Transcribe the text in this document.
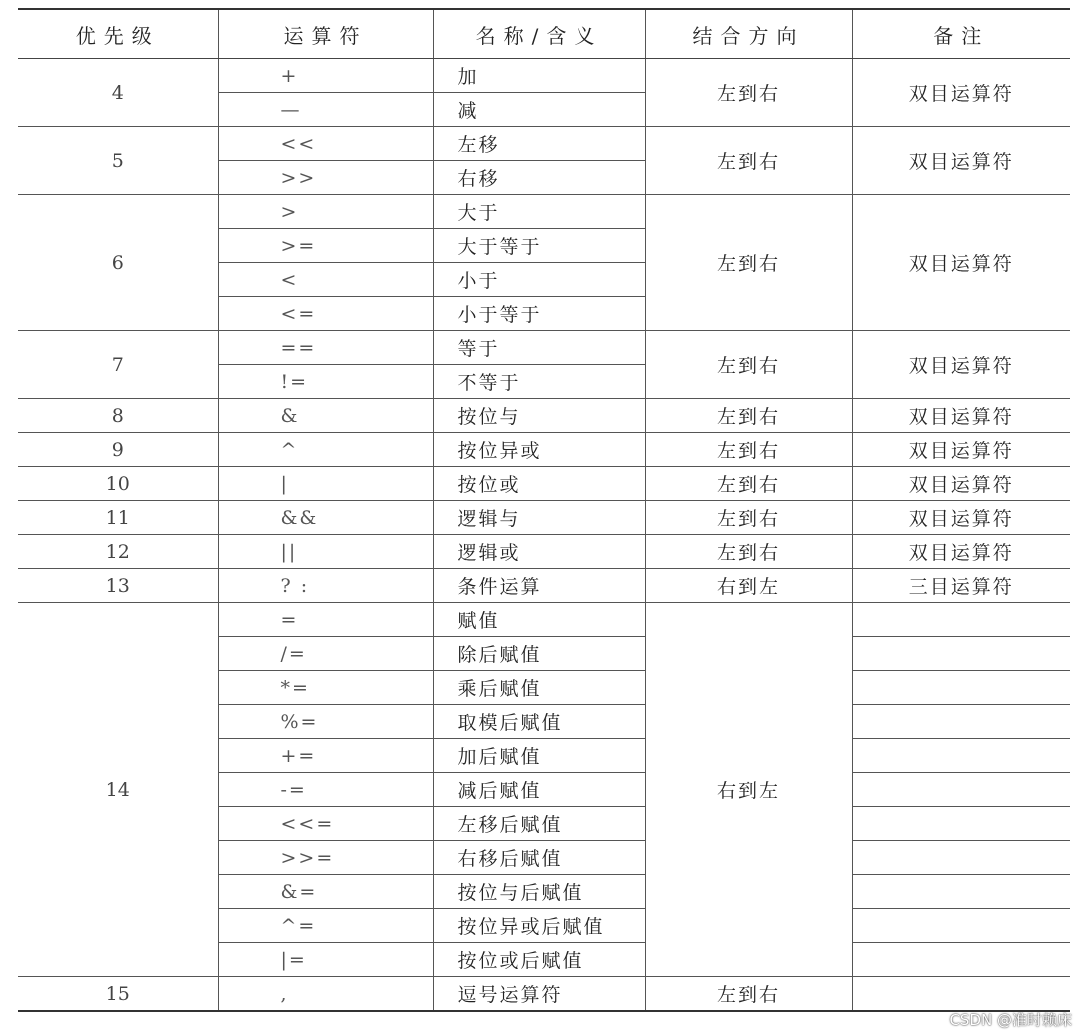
优先级	运算符	名称/含义	结合方向	备注
4	+	加	左到右	双目运算符
	—	减		
5	<<	左移	左到右	双目运算符
	>>	右移		
6	>	大于	左到右	双目运算符
	>=	大于等于		
	<	小于		
	<=	小于等于		
7	==	等于	左到右	双目运算符
	!=	不等于		
8	&	按位与	左到右	双目运算符
9	^	按位异或	左到右	双目运算符
10	|	按位或	左到右	双目运算符
11	&&	逻辑与	左到右	双目运算符
12	||	逻辑或	左到右	双目运算符
13	? :	条件运算	右到左	三目运算符
14	=	赋值	右到左	
	/=	除后赋值		
	*=	乘后赋值		
	%=	取模后赋值		
	+=	加后赋值		
	-=	减后赋值		
	<<=	左移后赋值		
	>>=	右移后赋值		
	&=	按位与后赋值		
	^=	按位异或后赋值		
	|=	按位或后赋值		
15	,	逗号运算符	左到右	
CSDN @准时赖床
